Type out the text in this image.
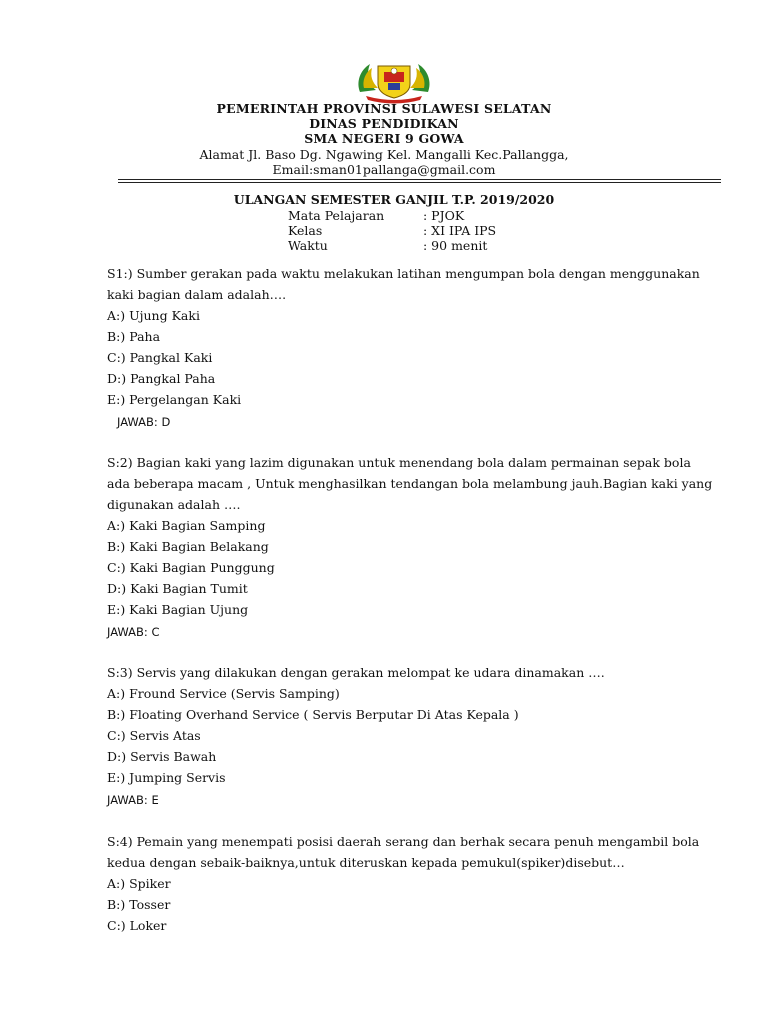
PEMERINTAH PROVINSI SULAWESI SELATAN
DINAS PENDIDIKAN
SMA NEGERI 9 GOWA
Alamat Jl. Baso Dg. Ngawing Kel. Mangalli Kec.Pallangga,
Email:sman01pallanga@gmail.com
ULANGAN SEMESTER GANJIL T.P. 2019/2020
Mata Pelajaran	: PJOK
Kelas	: XI IPA IPS
Waktu	: 90 menit
S1:) Sumber gerakan pada waktu melakukan latihan mengumpan bola dengan menggunakan
kaki bagian dalam adalah….
A:) Ujung Kaki
B:) Paha
C:) Pangkal Kaki
D:) Pangkal Paha
E:) Pergelangan Kaki
JAWAB: D
S:2) Bagian kaki yang lazim digunakan untuk menendang bola dalam permainan sepak bola
ada beberapa macam , Untuk menghasilkan tendangan bola melambung jauh.Bagian kaki yang
digunakan adalah ….
A:) Kaki Bagian Samping
B:) Kaki Bagian Belakang
C:) Kaki Bagian Punggung
D:) Kaki Bagian Tumit
E:) Kaki Bagian Ujung
JAWAB: C
S:3) Servis yang dilakukan dengan gerakan melompat ke udara dinamakan ….
A:) Fround Service (Servis Samping)
B:) Floating Overhand Service ( Servis Berputar Di Atas Kepala )
C:) Servis Atas
D:) Servis Bawah
E:) Jumping Servis
JAWAB: E
S:4) Pemain yang menempati posisi daerah serang dan berhak secara penuh mengambil bola
kedua dengan sebaik-baiknya,untuk diteruskan kepada pemukul(spiker)disebut…
A:) Spiker
B:) Tosser
C:) Loker
